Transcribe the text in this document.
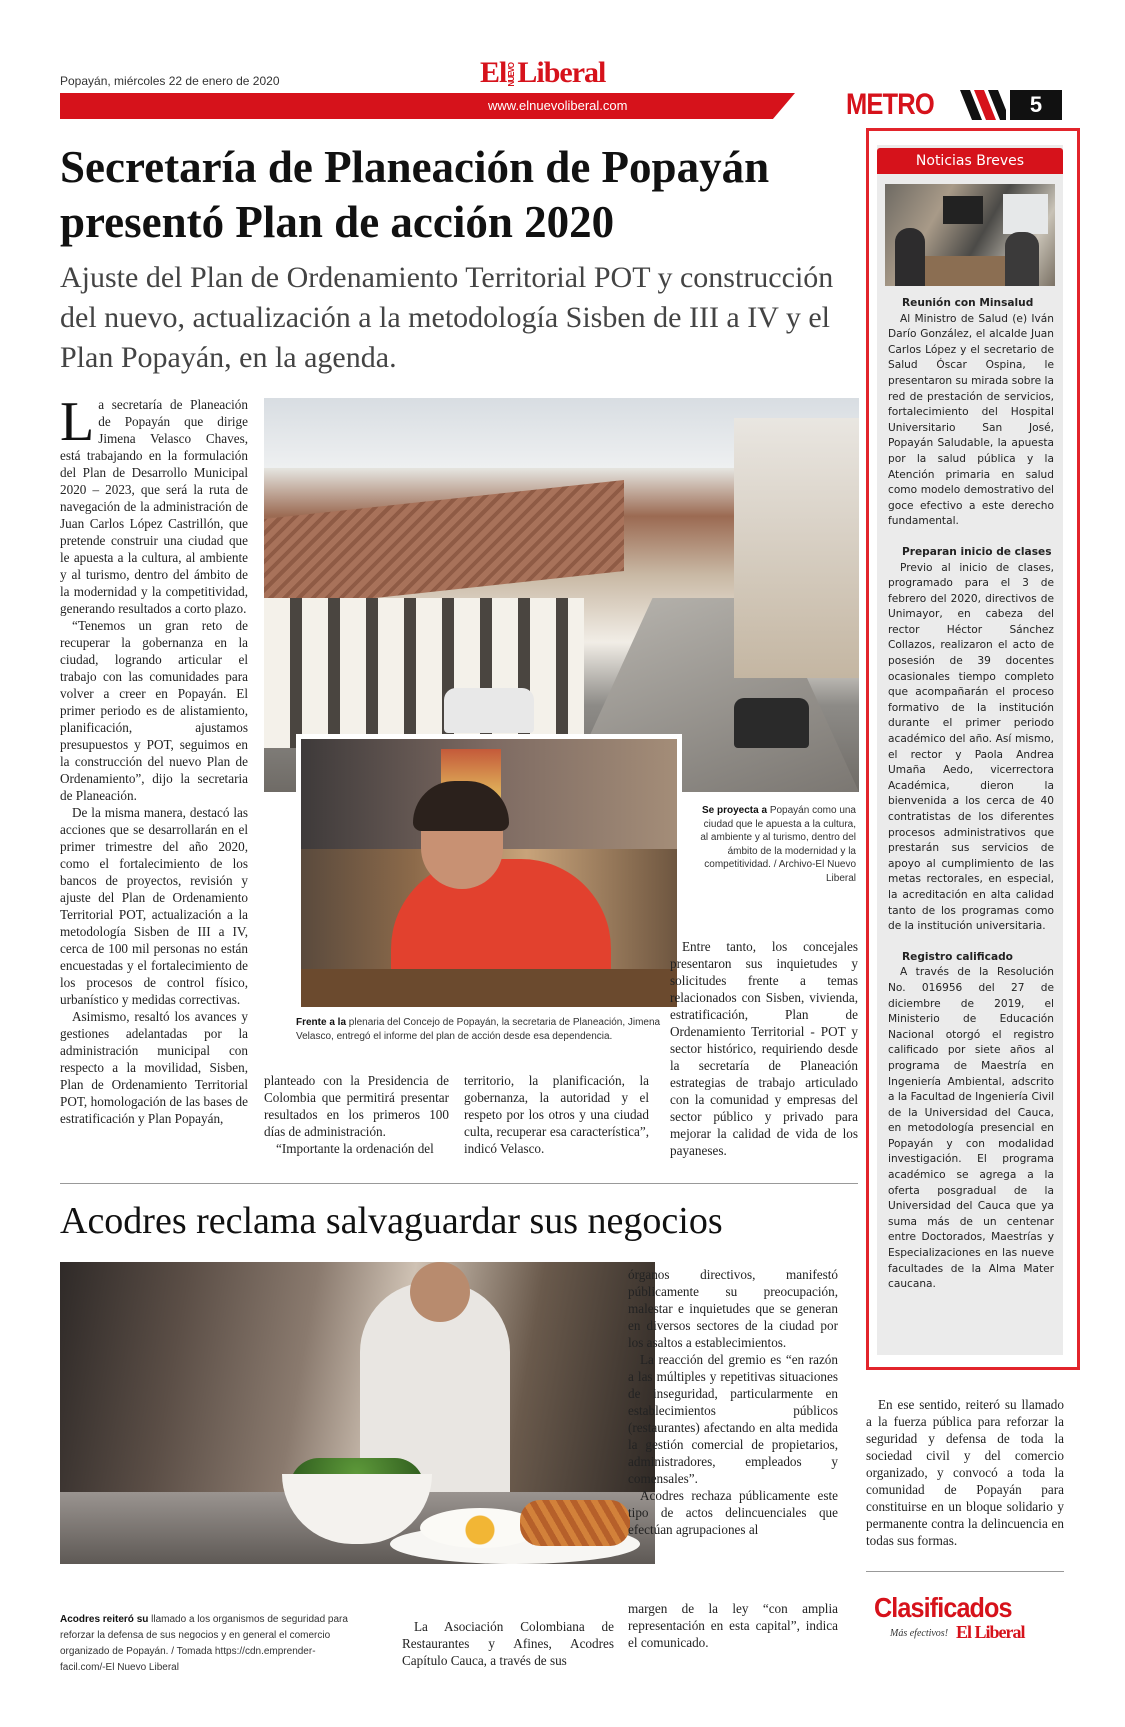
Popayán, miércoles 22 de enero de 2020	ElNUEVOLiberal
www.elnuevoliberal.com	METRO	5
Secretaría de Planeación de Popayán presentó Plan de acción 2020
Ajuste del Plan de Ordenamiento Territorial POT y construcción del nuevo, actualización a la metodología Sisben de III a IV y el Plan Popayán, en la agenda.
L a secretaría de Planeación de Popayán que dirige Jimena Velasco Chaves, está trabajando en la formulación del Plan de Desarrollo Municipal 2020 – 2023, que será la ruta de navegación de la administración de Juan Carlos López Castrillón, que pretende construir una ciudad que le apuesta a la cultura, al ambiente y al turismo, dentro del ámbito de la modernidad y la competitividad, generando resultados a corto plazo.

“Tenemos un gran reto de recuperar la gobernanza en la ciudad, logrando articular el trabajo con las comunidades para volver a creer en Popayán. El primer periodo es de alistamiento, planificación, ajustamos presupuestos y POT, seguimos en la construcción del nuevo Plan de Ordenamiento”, dijo la secretaria de Planeación.

De la misma manera, destacó las acciones que se desarrollarán en el primer trimestre del año 2020, como el fortalecimiento de los bancos de proyectos, revisión y ajuste del Plan de Ordenamiento Territorial POT, actualización a la metodología Sisben de III a IV, cerca de 100 mil personas no están encuestadas y el fortalecimiento de los procesos de control físico, urbanístico y medidas correctivas.

Asimismo, resaltó los avances y gestiones adelantadas por la administración municipal con respecto a la movilidad, Sisben, Plan de Ordenamiento Territorial POT, homologación de las bases de estratificación y Plan Popayán,

Se proyecta a Popayán como una ciudad que le apuesta a la cultura, al ambiente y al turismo, dentro del ámbito de la modernidad y la competitividad. / Archivo-El Nuevo Liberal
Frente a la plenaria del Concejo de Popayán, la secretaria de Planeación, Jimena Velasco, entregó el informe del plan de acción desde esa dependencia.

planteado con la Presidencia de Colombia que permitirá presentar resultados en los primeros 100 días de administración.

“Importante la ordenación del

territorio, la planificación, la gobernanza, la autoridad y el respeto por los otros y una ciudad culta, recuperar esa característica”, indicó Velasco.

Entre tanto, los concejales presentaron sus inquietudes y solicitudes frente a temas relacionados con Sisben, vivienda, estratificación, Plan de Ordenamiento Territorial - POT y sector histórico, requiriendo desde la secretaría de Planeación estrategias de trabajo articulado con la comunidad y empresas del sector público y privado para mejorar la calidad de vida de los payaneses.

Noticias Breves
Reunión con Minsalud

Al Ministro de Salud (e) Iván Darío González, el alcalde Juan Carlos López y el secretario de Salud Óscar Ospina, le presentaron su mirada sobre la red de prestación de servicios, fortalecimiento del Hospital Universitario San José, Popayán Saludable, la apuesta por la salud pública y la Atención primaria en salud como modelo demostrativo del goce efectivo a este derecho fundamental.

Preparan inicio de clases

Previo al inicio de clases, programado para el 3 de febrero del 2020, directivos de Unimayor, en cabeza del rector Héctor Sánchez Collazos, realizaron el acto de posesión de 39 docentes ocasionales tiempo completo que acompañarán el proceso formativo de la institución durante el primer periodo académico del año. Así mismo, el rector y Paola Andrea Umaña Aedo, vicerrectora Académica, dieron la bienvenida a los cerca de 40 contratistas de los diferentes procesos administrativos que prestarán sus servicios de apoyo al cumplimiento de las metas rectorales, en especial, la acreditación en alta calidad tanto de los programas como de la institución universitaria.

Registro calificado

A través de la Resolución No. 016956 del 27 de diciembre de 2019, el Ministerio de Educación Nacional otorgó el registro calificado por siete años al programa de Maestría en Ingeniería Ambiental, adscrito a la Facultad de Ingeniería Civil de la Universidad del Cauca, en metodología presencial en Popayán y con modalidad investigación. El programa académico se agrega a la oferta posgradual de la Universidad del Cauca que ya suma más de un centenar entre Doctorados, Maestrías y Especializaciones en las nueve facultades de la Alma Mater caucana.

Acodres reclama salvaguardar sus negocios
Acodres reiteró su llamado a los organismos de seguridad para reforzar la defensa de sus negocios y en general el comercio organizado de Popayán. / Tomada https://cdn.emprender-facil.com/-El Nuevo Liberal

La Asociación Colombiana de Restaurantes y Afines, Acodres Capítulo Cauca, a través de sus

órganos directivos, manifestó públicamente su preocupación, malestar e inquietudes que se generan en diversos sectores de la ciudad por los asaltos a establecimientos.

La reacción del gremio es “en razón a las múltiples y repetitivas situaciones de inseguridad, particularmente en establecimientos públicos (restaurantes) afectando en alta medida la gestión comercial de propietarios, administradores, empleados y comensales”.

Acodres rechaza públicamente este tipo de actos delincuenciales que efectúan agrupaciones al

margen de la ley “con amplia representación en esta capital”, indica el comunicado.

En ese sentido, reiteró su llamado a la fuerza pública para reforzar la seguridad y defensa de toda la sociedad civil y del comercio organizado, y convocó a toda la comunidad de Popayán para constituirse en un bloque solidario y permanente contra la delincuencia en todas sus formas.

Clasificados
Más efectivos! El Liberal
